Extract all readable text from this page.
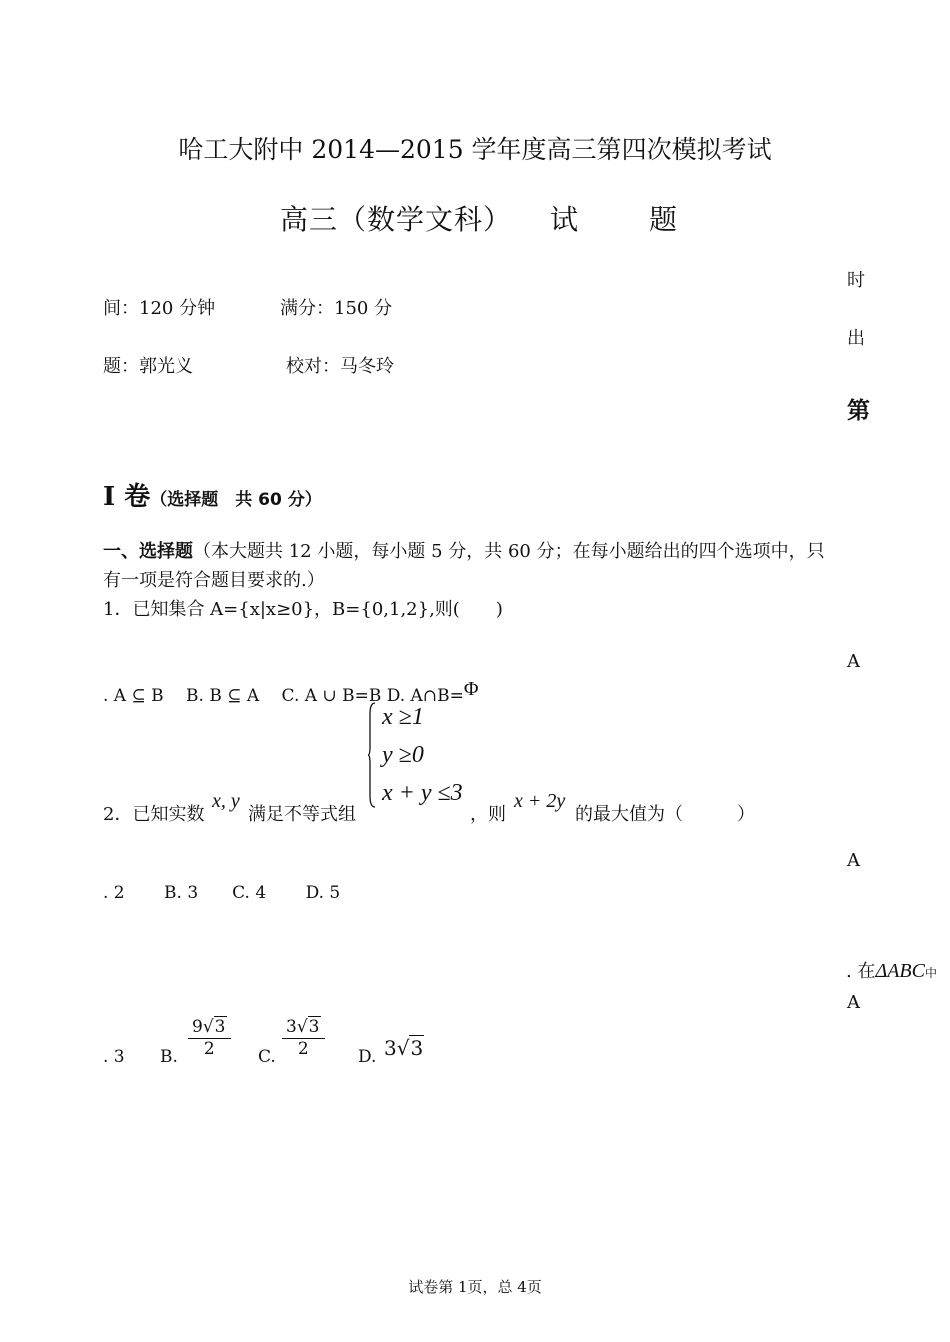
哈工大附中 2014—2015 学年度高三第四次模拟考试
高三（数学文科） 试	题
时
出
第
间：120 分钟	满分：150 分
题：郭光义	校对：马冬玲
I 卷（选择题　共 60 分）
一、选择题（本大题共 12 小题，每小题 5 分，共 60 分；在每小题给出的四个选项中，只
有一项是符合题目要求的.）
1．已知集合 A={x|x≥0}，B={0,1,2},则(　　)
A
. A ⊆ B　 B. B ⊆ A　 C. A ∪ B=B D. A∩B=Φ
x ≥1
y ≥0
x + y ≤3
2．已知实数
x, y
满足不等式组	，则
x + 2y
的最大值为（　　　）
A
. 2　　 B. 3　　C. 4　　 D. 5
. 在ΔABC中
A
. 3 B. $\frac{9√3}{2} C$. $\frac{3√3}{2} D$. 3√3
试卷第 1页，总 4页
